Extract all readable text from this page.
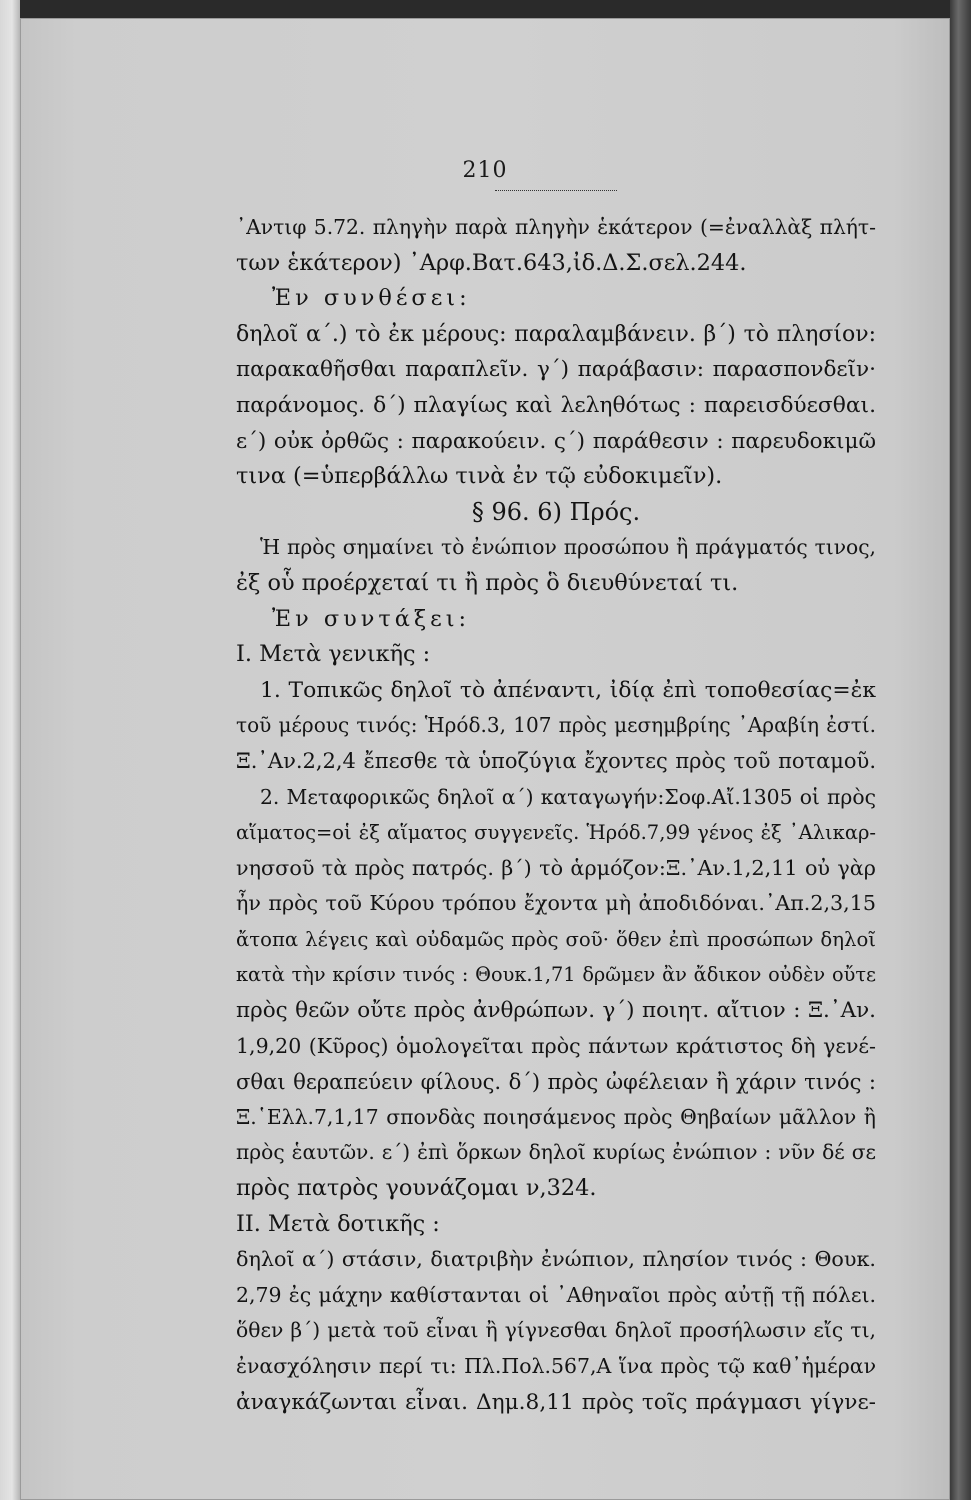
210
᾿Αντιφ 5.72. πληγὴν παρὰ πληγὴν ἑκάτερον (=ἐναλλὰξ πλήτ-
των ἑκάτερον) ᾿Αρφ.Βατ.643,ἰδ.Δ.Σ.σελ.244.
Ἐν συνθέσει:
δηλοῖ α΄.) τὸ ἐκ μέρους: παραλαμβάνειν. β΄) τὸ πλησίον:
παρακαθῆσθαι παραπλεῖν. γ΄) παράβασιν: παρασπονδεῖν·
παράνομος. δ΄) πλαγίως καὶ λεληθότως : παρεισδύεσθαι.
ε΄) οὐκ ὀρθῶς : παρακούειν. ς΄) παράθεσιν : παρευδοκιμῶ
τινα (=ὑπερβάλλω τινὰ ἐν τῷ εὐδοκιμεῖν).
§ 96. 6) Πρός.
Ἡ πρὸς σημαίνει τὸ ἐνώπιον προσώπου ἢ πράγματός τινος,
ἐξ οὗ προέρχεταί τι ἢ πρὸς ὃ διευθύνεταί τι.
Ἐν συντάξει:
Ι. Μετὰ γενικῆς :
1. Τοπικῶς δηλοῖ τὸ ἀπέναντι, ἰδίᾳ ἐπὶ τοποθεσίας=ἐκ
τοῦ μέρους τινός: Ἡρόδ.3, 107 πρὸς μεσημβρίης ᾿Αραβίη ἐστί.
Ξ.᾿Αν.2,2,4 ἔπεσθε τὰ ὑποζύγια ἔχοντες πρὸς τοῦ ποταμοῦ.
2. Μεταφορικῶς δηλοῖ α΄) καταγωγήν:Σοφ.Αἴ.1305 οἱ πρὸς
αἵματος=οἱ ἐξ αἵματος συγγενεῖς. Ἡρόδ.7,99 γένος ἐξ ᾿Αλικαρ-
νησσοῦ τὰ πρὸς πατρός. β΄) τὸ ἁρμόζον:Ξ.᾿Αν.1,2,11 οὐ γὰρ
ἦν πρὸς τοῦ Κύρου τρόπου ἔχοντα μὴ ἀποδιδόναι.᾿Απ.2,3,15
ἄτοπα λέγεις καὶ οὐδαμῶς πρὸς σοῦ· ὅθεν ἐπὶ προσώπων δηλοῖ
κατὰ τὴν κρίσιν τινός : Θουκ.1,71 δρῶμεν ἂν ἄδικον οὐδὲν οὔτε
πρὸς θεῶν οὔτε πρὸς ἀνθρώπων. γ΄) ποιητ. αἴτιον : Ξ.᾿Αν.
1,9,20 (Κῦρος) ὁμολογεῖται πρὸς πάντων κράτιστος δὴ γενέ-
σθαι θεραπεύειν φίλους. δ΄) πρὸς ὠφέλειαν ἢ χάριν τινός :
Ξ.῾Ελλ.7,1,17 σπονδὰς ποιησάμενος πρὸς Θηβαίων μᾶλλον ἢ
πρὸς ἑαυτῶν. ε΄) ἐπὶ ὅρκων δηλοῖ κυρίως ἐνώπιον : νῦν δέ σε
πρὸς πατρὸς γουνάζομαι ν,324.
ΙΙ. Μετὰ δοτικῆς :
δηλοῖ α΄) στάσιν, διατριβὴν ἐνώπιον, πλησίον τινός : Θουκ.
2,79 ἐς μάχην καθίστανται οἱ ᾿Αθηναῖοι πρὸς αὐτῇ τῇ πόλει.
ὅθεν β΄) μετὰ τοῦ εἶναι ἢ γίγνεσθαι δηλοῖ προσήλωσιν εἴς τι,
ἐνασχόλησιν περί τι: Πλ.Πολ.567,Α ἵνα πρὸς τῷ καθ᾿ἡμέραν
ἀναγκάζωνται εἶναι. Δημ.8,11 πρὸς τοῖς πράγμασι γίγνε-
